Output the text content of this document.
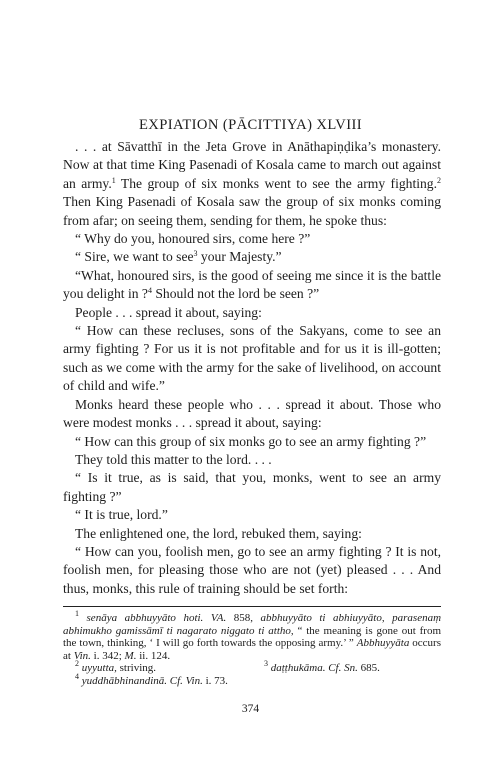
EXPIATION (PĀCITTIYA) XLVIII

. . . at Sāvatthī in the Jeta Grove in Anāthapiṇḍika’s monastery. Now at that time King Pasenadi of Kosala came to march out against an army.$^1$ The group of six monks went to see the army fighting.$^2$ Then King Pasenadi of Kosala saw the group of six monks coming from afar; on seeing them, sending for them, he spoke thus:

“ Why do you, honoured sirs, come here ?”

“ Sire, we want to see$^3$ your Majesty.”

“What, honoured sirs, is the good of seeing me since it is the battle you delight in ?$^4$ Should not the lord be seen ?”

People . . . spread it about, saying:

“ How can these recluses, sons of the Sakyans, come to see an army fighting ? For us it is not profitable and for us it is ill-gotten; such as we come with the army for the sake of livelihood, on account of child and wife.”

Monks heard these people who . . . spread it about. Those who were modest monks . . . spread it about, saying:

“ How can this group of six monks go to see an army fighting ?”

They told this matter to the lord. . . .

“ Is it true, as is said, that you, monks, went to see an army fighting ?”

“ It is true, lord.”

The enlightened one, the lord, rebuked them, saying:

“ How can you, foolish men, go to see an army fighting ? It is not, foolish men, for pleasing those who are not (yet) pleased . . . And thus, monks, this rule of training should be set forth:

$^1$ senāya abbhuyyāto hoti. VA. 858, abbhuyyāto ti abhiuyyāto, parasenaṃ abhimukho gamissāmī ti nagarato niggato ti attho, “ the meaning is gone out from the town, thinking, ‘ I will go forth towards the opposing army.’ ” Abbhuyyāta occurs at Vin. i. 342; M. ii. 124.

$^2$ uyyutta, striving.	$^3$ daṭṭhukāma. Cf. Sn. 685.

$^4$ yuddhābhinandinā. Cf. Vin. i. 73.

374
